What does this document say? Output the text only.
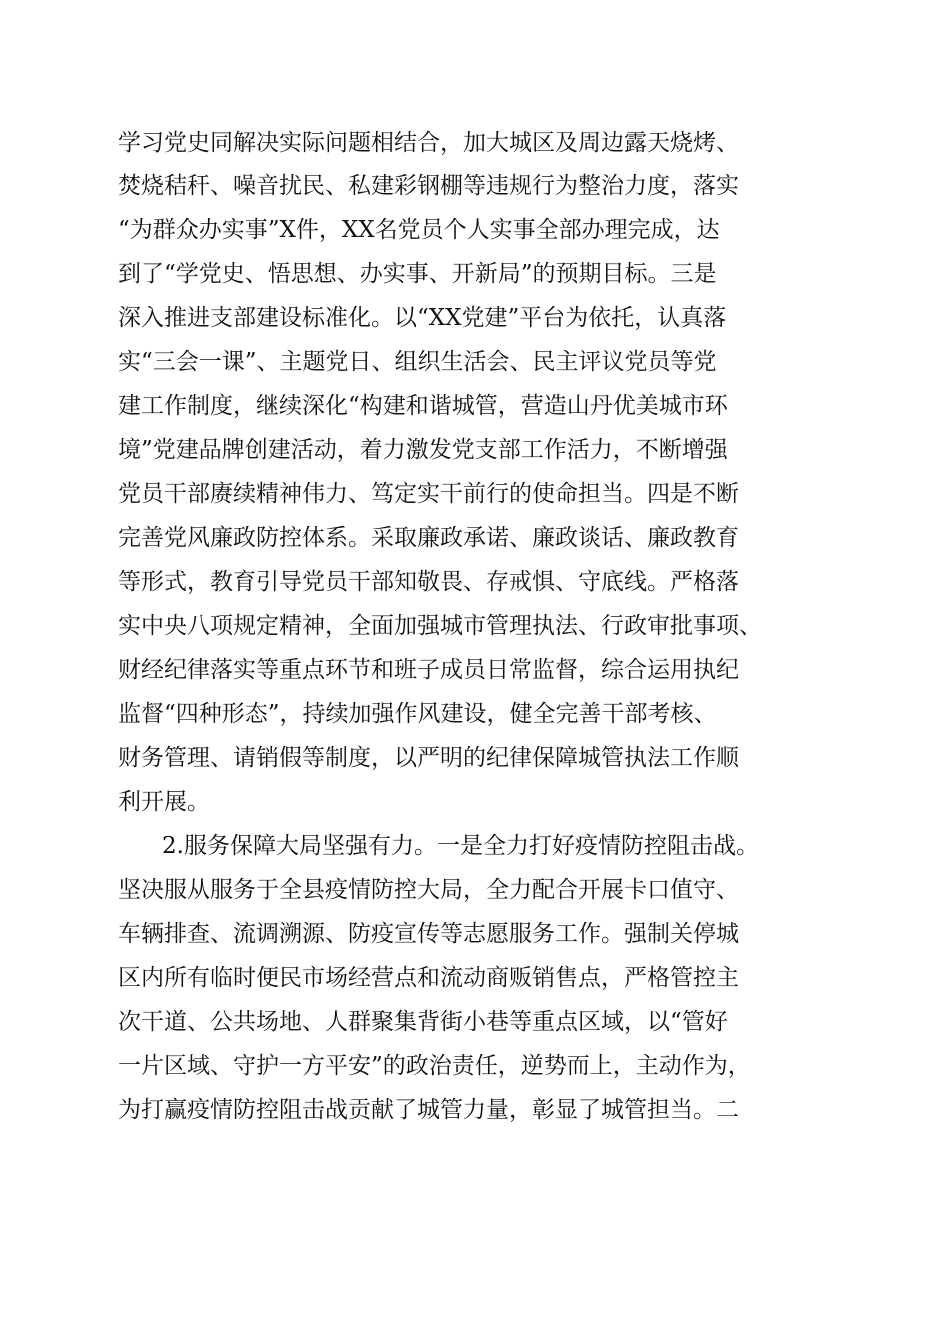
学习党史同解决实际问题相结合，加大城区及周边露天烧烤、
焚烧秸秆、噪音扰民、私建彩钢棚等违规行为整治力度，落实
“为群众办实事”X件，XX名党员个人实事全部办理完成，达
到了“学党史、悟思想、办实事、开新局”的预期目标。三是
深入推进支部建设标准化。以“XX党建”平台为依托，认真落
实“三会一课”、主题党日、组织生活会、民主评议党员等党
建工作制度，继续深化“构建和谐城管，营造山丹优美城市环
境”党建品牌创建活动，着力激发党支部工作活力，不断增强
党员干部赓续精神伟力、笃定实干前行的使命担当。四是不断
完善党风廉政防控体系。采取廉政承诺、廉政谈话、廉政教育
等形式，教育引导党员干部知敬畏、存戒惧、守底线。严格落
实中央八项规定精神，全面加强城市管理执法、行政审批事项、
财经纪律落实等重点环节和班子成员日常监督，综合运用执纪
监督“四种形态”，持续加强作风建设，健全完善干部考核、
财务管理、请销假等制度，以严明的纪律保障城管执法工作顺
利开展。
2.服务保障大局坚强有力。一是全力打好疫情防控阻击战。
坚决服从服务于全县疫情防控大局，全力配合开展卡口值守、
车辆排查、流调溯源、防疫宣传等志愿服务工作。强制关停城
区内所有临时便民市场经营点和流动商贩销售点，严格管控主
次干道、公共场地、人群聚集背街小巷等重点区域，以“管好
一片区域、守护一方平安”的政治责任，逆势而上，主动作为，
为打赢疫情防控阻击战贡献了城管力量，彰显了城管担当。二
